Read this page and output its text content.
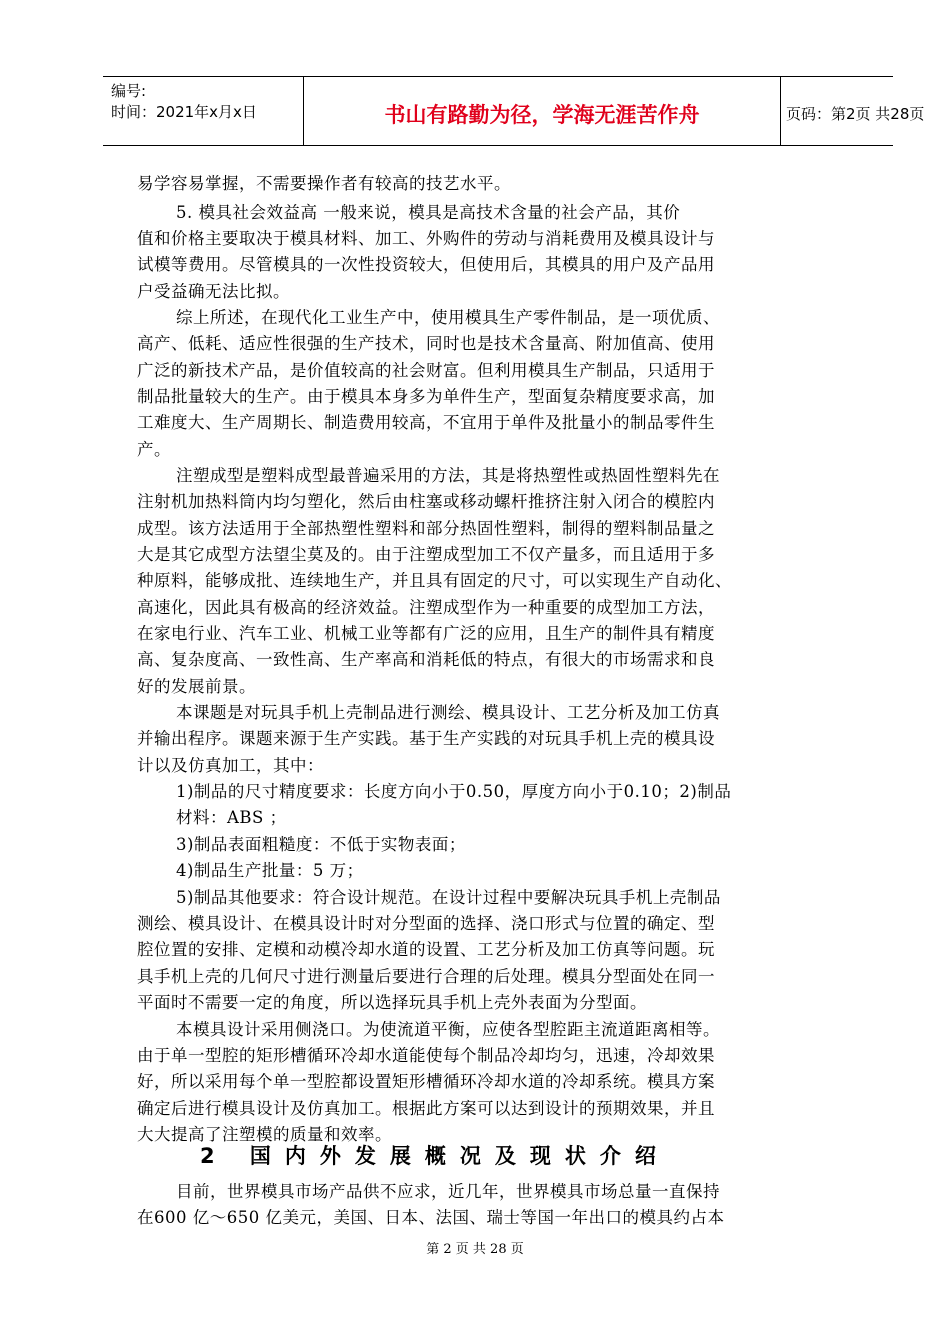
编号:
时间：2021年x月x日	书山有路勤为径，学海无涯苦作舟	页码：第2页 共28页
易学容易掌握，不需要操作者有较高的技艺水平。
5. 模具社会效益高 一般来说，模具是高技术含量的社会产品，其价
值和价格主要取决于模具材料、加工、外购件的劳动与消耗费用及模具设计与
试模等费用。尽管模具的一次性投资较大，但使用后，其模具的用户及产品用
户受益确无法比拟。
综上所述，在现代化工业生产中，使用模具生产零件制品，是一项优质、
高产、低耗、适应性很强的生产技术，同时也是技术含量高、附加值高、使用
广泛的新技术产品，是价值较高的社会财富。但利用模具生产制品，只适用于
制品批量较大的生产。由于模具本身多为单件生产，型面复杂精度要求高，加
工难度大、生产周期长、制造费用较高，不宜用于单件及批量小的制品零件生
产。
注塑成型是塑料成型最普遍采用的方法，其是将热塑性或热固性塑料先在
注射机加热料筒内均匀塑化，然后由柱塞或移动螺杆推挤注射入闭合的模腔内
成型。该方法适用于全部热塑性塑料和部分热固性塑料，制得的塑料制品量之
大是其它成型方法望尘莫及的。由于注塑成型加工不仅产量多，而且适用于多
种原料，能够成批、连续地生产，并且具有固定的尺寸，可以实现生产自动化、
高速化，因此具有极高的经济效益。注塑成型作为一种重要的成型加工方法，
在家电行业、汽车工业、机械工业等都有广泛的应用，且生产的制件具有精度
高、复杂度高、一致性高、生产率高和消耗低的特点，有很大的市场需求和良
好的发展前景。
本课题是对玩具手机上壳制品进行测绘、模具设计、工艺分析及加工仿真
并输出程序。课题来源于生产实践。基于生产实践的对玩具手机上壳的模具设
计以及仿真加工，其中：
1)制品的尺寸精度要求：长度方向小于0.50，厚度方向小于0.10；2)制品
材料：ABS ；
3)制品表面粗糙度：不低于实物表面；
4)制品生产批量：5 万；
5)制品其他要求：符合设计规范。在设计过程中要解决玩具手机上壳制品
测绘、模具设计、在模具设计时对分型面的选择、浇口形式与位置的确定、型
腔位置的安排、定模和动模冷却水道的设置、工艺分析及加工仿真等问题。玩
具手机上壳的几何尺寸进行测量后要进行合理的后处理。模具分型面处在同一
平面时不需要一定的角度，所以选择玩具手机上壳外表面为分型面。
本模具设计采用侧浇口。为使流道平衡，应使各型腔距主流道距离相等。
由于单一型腔的矩形槽循环冷却水道能使每个制品冷却均匀，迅速，冷却效果
好，所以采用每个单一型腔都设置矩形槽循环冷却水道的冷却系统。模具方案
确定后进行模具设计及仿真加工。根据此方案可以达到设计的预期效果，并且
大大提高了注塑模的质量和效率。
2 国内外发展概况及现状介绍
目前，世界模具市场产品供不应求，近几年，世界模具市场总量一直保持
在600 亿～650 亿美元，美国、日本、法国、瑞士等国一年出口的模具约占本
第 2 页 共 28 页
